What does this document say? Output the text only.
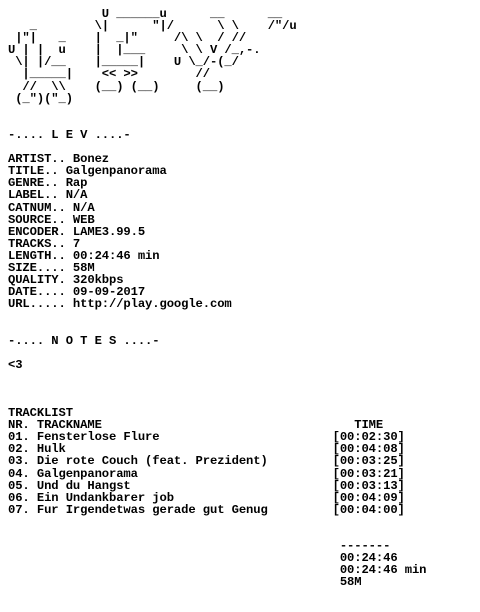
U ______u      __      __
_        \|      "|/      \ \    /"/u
|"|   _    |  _|"     /\ \  / //
U | |  u    |  |___     \ \ V /_,-.
\| |/__    |_____|    U \_/-(_/
|_____|    << >>        //
//  \\    (__) (__)     (__)
(_")("_)
-.... L E V ....-
ARTIST.. Bonez
TITLE.. Galgenpanorama
GENRE.. Rap
LABEL.. N/A
CATNUM.. N/A
SOURCE.. WEB
ENCODER. LAME3.99.5
TRACKS.. 7
LENGTH.. 00:24:46 min
SIZE.... 58M
QUALITY. 320kbps
DATE.... 09-09-2017
URL..... http://play.google.com
-.... N O T E S ....-
<3
TRACKLIST
NR. TRACKNAME                                   TIME
01. Fensterlose Flure                        [00:02:30]
02. Hulk                                     [00:04:08]
03. Die rote Couch (feat. Prezident)         [00:03:25]
04. Galgenpanorama                           [00:03:21]
05. Und du Hangst                            [00:03:13]
06. Ein Undankbarer job                      [00:04:09]
07. Fur Irgendetwas gerade gut Genug         [00:04:00]
-------
00:24:46
00:24:46 min
58M
